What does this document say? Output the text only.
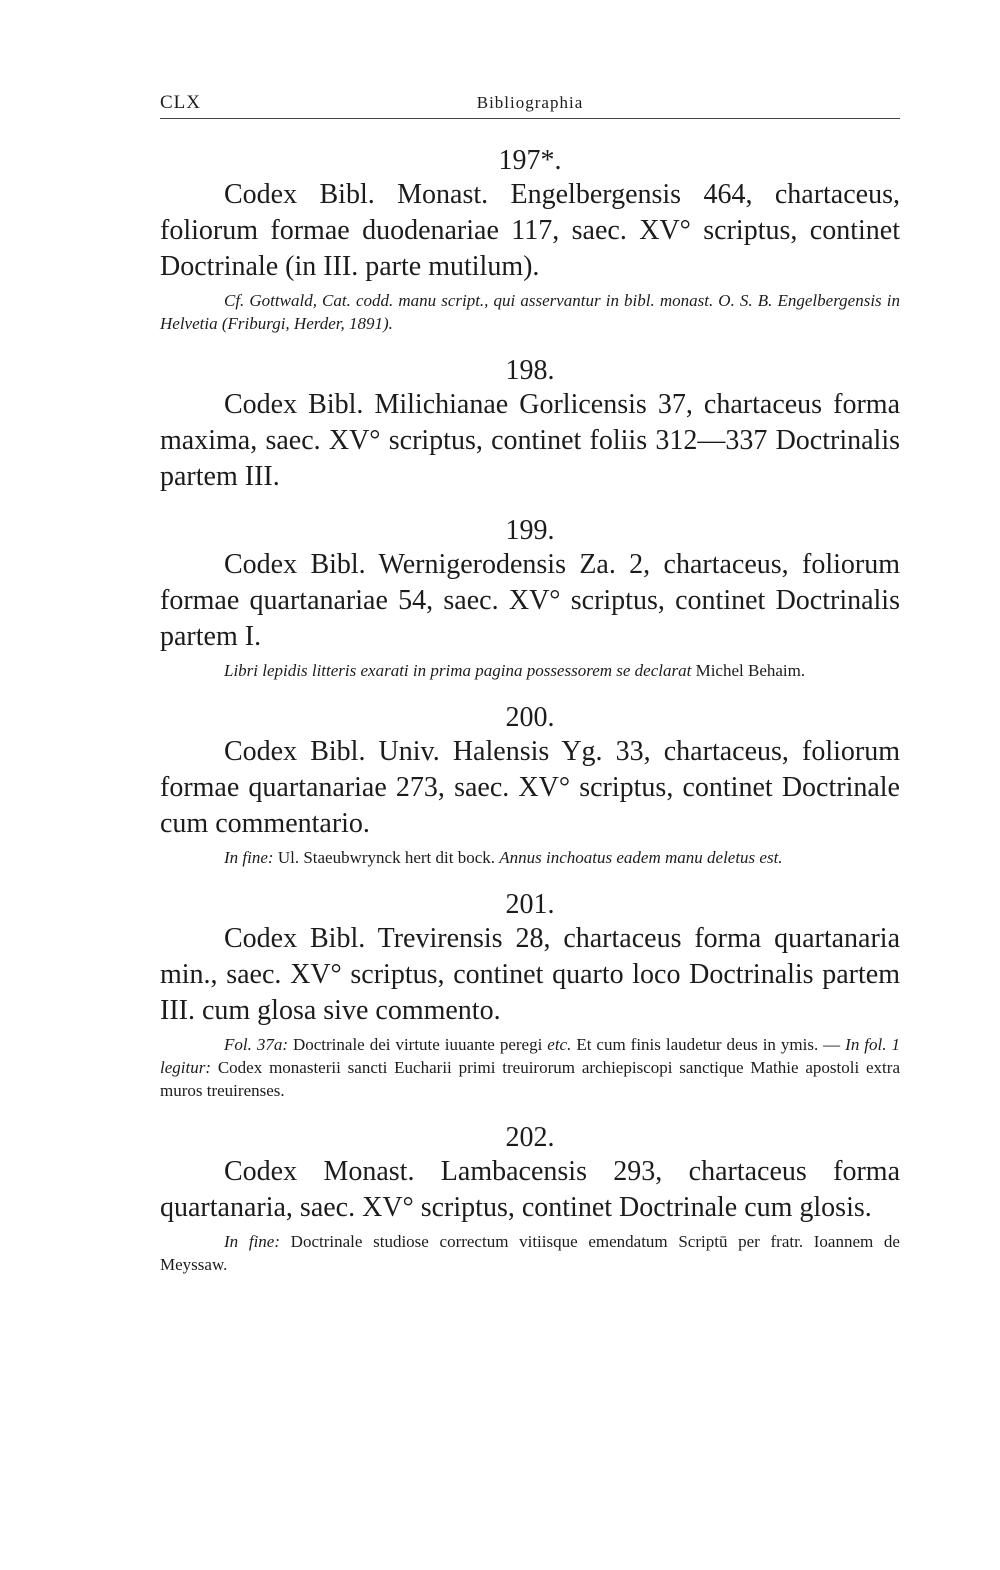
CLX	Bibliographia
197*.

Codex Bibl. Monast. Engelbergensis 464, chartaceus, foliorum formae duodenariae 117, saec. XV° scriptus, continet Doctrinale (in III. parte mutilum).

Cf. Gottwald, Cat. codd. manu script., qui asservantur in bibl. monast. O. S. B. Engelbergensis in Helvetia (Friburgi, Herder, 1891).

198.

Codex Bibl. Milichianae Gorlicensis 37, chartaceus forma maxima, saec. XV° scriptus, continet foliis 312—337 Doctrinalis partem III.

199.

Codex Bibl. Wernigerodensis Za. 2, chartaceus, foliorum formae quartanariae 54, saec. XV° scriptus, continet Doctrinalis partem I.

Libri lepidis litteris exarati in prima pagina possessorem se declarat Michel Behaim.

200.

Codex Bibl. Univ. Halensis Yg. 33, chartaceus, foliorum formae quartanariae 273, saec. XV° scriptus, continet Doctrinale cum commentario.

In fine: Ul. Staeubwrynck hert dit bock. Annus inchoatus eadem manu deletus est.

201.

Codex Bibl. Trevirensis 28, chartaceus forma quartanaria min., saec. XV° scriptus, continet quarto loco Doctrinalis partem III. cum glosa sive commento.

Fol. 37a: Doctrinale dei virtute iuuante peregi etc. Et cum finis laudetur deus in ymis. — In fol. 1 legitur: Codex monasterii sancti Eucharii primi treuirorum archiepiscopi sanctique Mathie apostoli extra muros treuirenses.

202.

Codex Monast. Lambacensis 293, chartaceus forma quartanaria, saec. XV° scriptus, continet Doctrinale cum glosis.

In fine: Doctrinale studiose correctum vitiisque emendatum Scriptū per fratr. Ioannem de Meyssaw.
